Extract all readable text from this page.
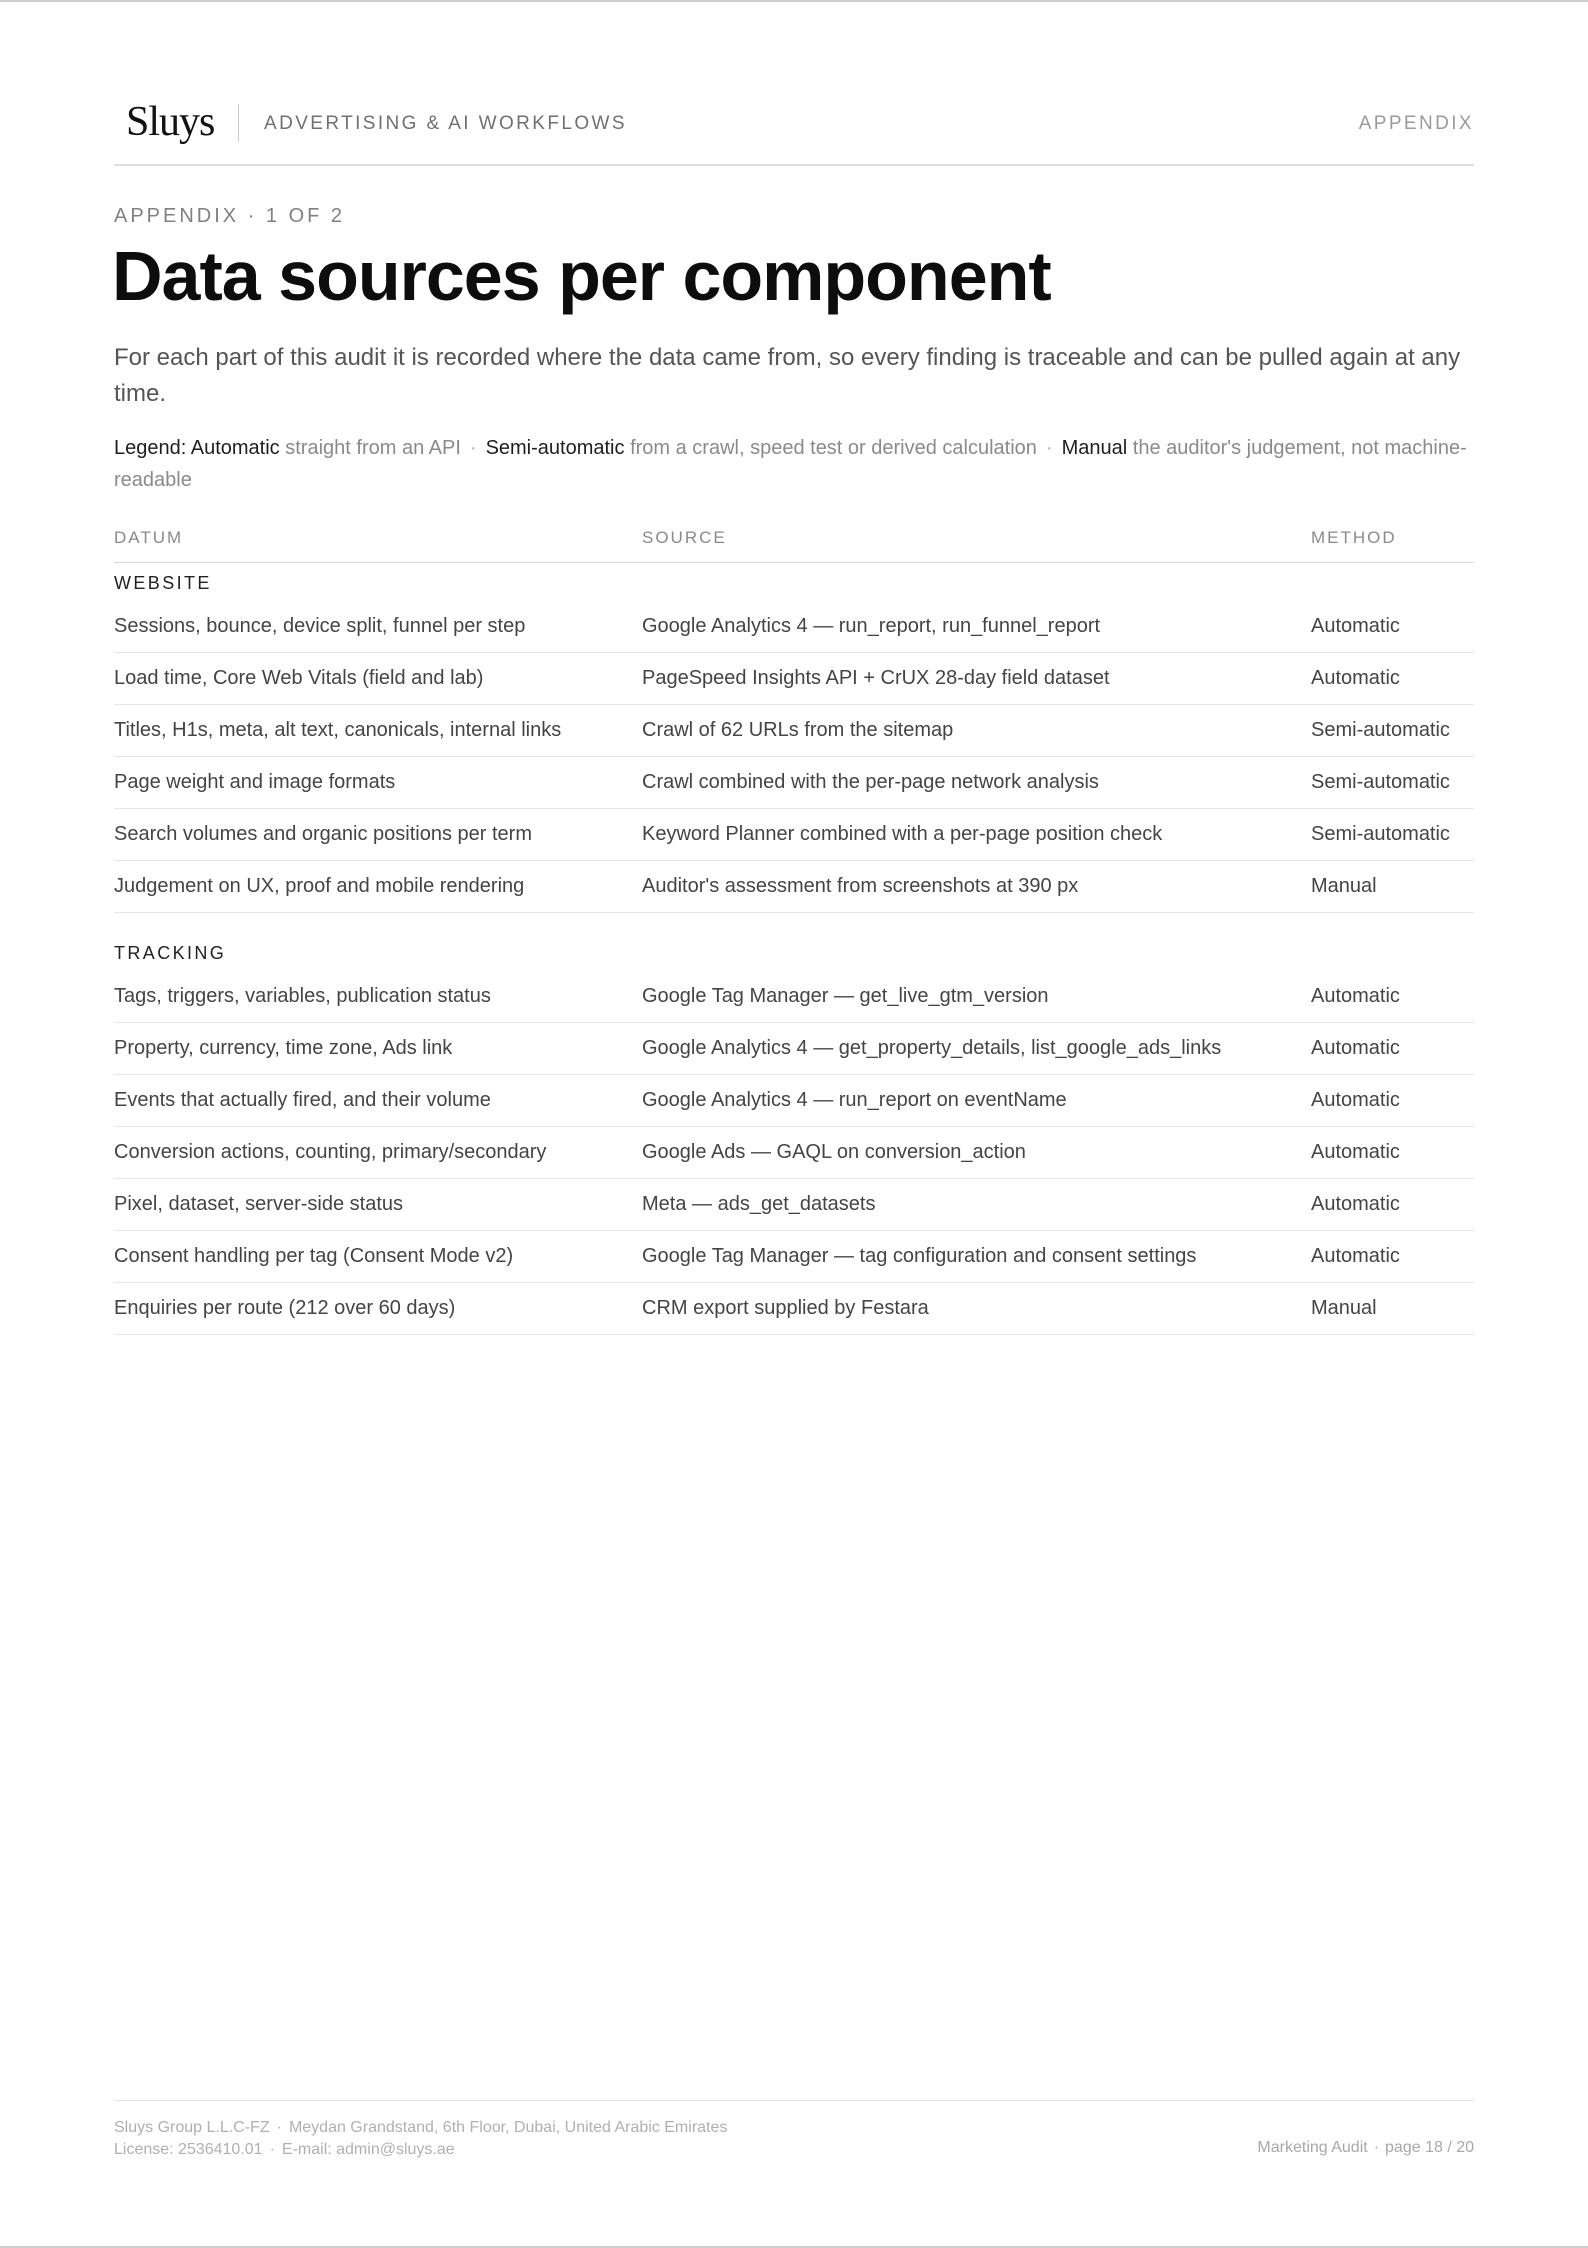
Sluys	ADVERTISING & AI WORKFLOWS	APPENDIX
APPENDIX · 1 OF 2
Data sources per component

For each part of this audit it is recorded where the data came from, so every finding is traceable and can be pulled again at any time.

Legend: Automatic straight from an API · Semi-automatic from a crawl, speed test or derived calculation · Manual the auditor's judgement, not machine-readable

DATUM	SOURCE	METHOD
WEBSITE
Sessions, bounce, device split, funnel per step	Google Analytics 4 — run_report, run_funnel_report	Automatic
Load time, Core Web Vitals (field and lab)	PageSpeed Insights API + CrUX 28-day field dataset	Automatic
Titles, H1s, meta, alt text, canonicals, internal links	Crawl of 62 URLs from the sitemap	Semi-automatic
Page weight and image formats	Crawl combined with the per-page network analysis	Semi-automatic
Search volumes and organic positions per term	Keyword Planner combined with a per-page position check	Semi-automatic
Judgement on UX, proof and mobile rendering	Auditor's assessment from screenshots at 390 px	Manual
TRACKING
Tags, triggers, variables, publication status	Google Tag Manager — get_live_gtm_version	Automatic
Property, currency, time zone, Ads link	Google Analytics 4 — get_property_details, list_google_ads_links	Automatic
Events that actually fired, and their volume	Google Analytics 4 — run_report on eventName	Automatic
Conversion actions, counting, primary/secondary	Google Ads — GAQL on conversion_action	Automatic
Pixel, dataset, server-side status	Meta — ads_get_datasets	Automatic
Consent handling per tag (Consent Mode v2)	Google Tag Manager — tag configuration and consent settings	Automatic
Enquiries per route (212 over 60 days)	CRM export supplied by Festara	Manual
Sluys Group L.L.C-FZ · Meydan Grandstand, 6th Floor, Dubai, United Arabic Emirates
License: 2536410.01 · E-mail: admin@sluys.ae	Marketing Audit · page 18 / 20
